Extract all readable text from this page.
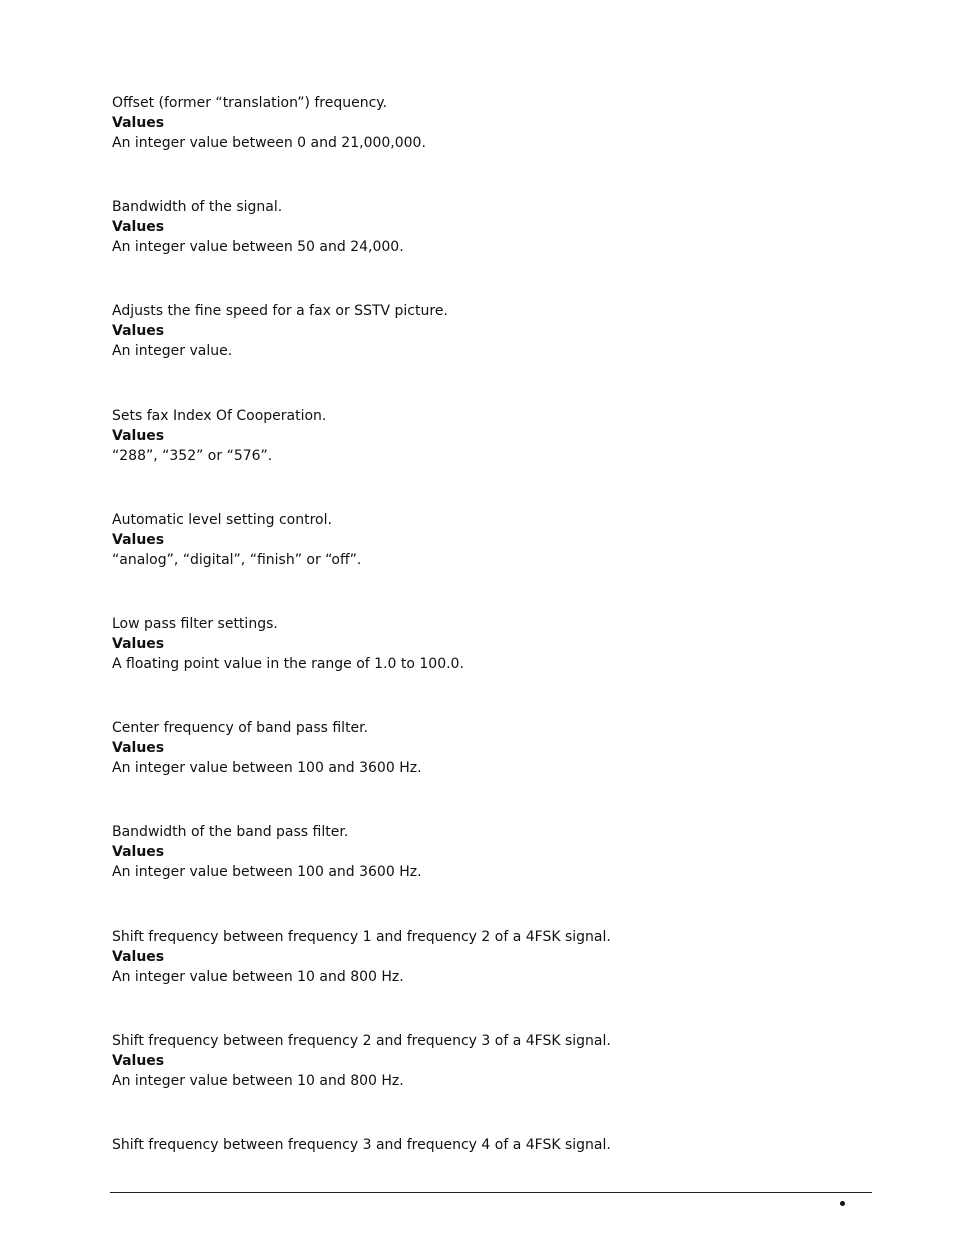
Offset (former “translation”) frequency.
Values
An integer value between 0 and 21,000,000.
Bandwidth of the signal.
Values
An integer value between 50 and 24,000.
Adjusts the fine speed for a fax or SSTV picture.
Values
An integer value.
Sets fax Index Of Cooperation.
Values
“288”, “352” or “576”.
Automatic level setting control.
Values
“analog”, “digital”, “finish” or “off”.
Low pass filter settings.
Values
A floating point value in the range of 1.0 to 100.0.
Center frequency of band pass filter.
Values
An integer value between 100 and 3600 Hz.
Bandwidth of the band pass filter.
Values
An integer value between 100 and 3600 Hz.
Shift frequency between frequency 1 and frequency 2 of a 4FSK signal.
Values
An integer value between 10 and 800 Hz.
Shift frequency between frequency 2 and frequency 3 of a 4FSK signal.
Values
An integer value between 10 and 800 Hz.
Shift frequency between frequency 3 and frequency 4 of a 4FSK signal.
